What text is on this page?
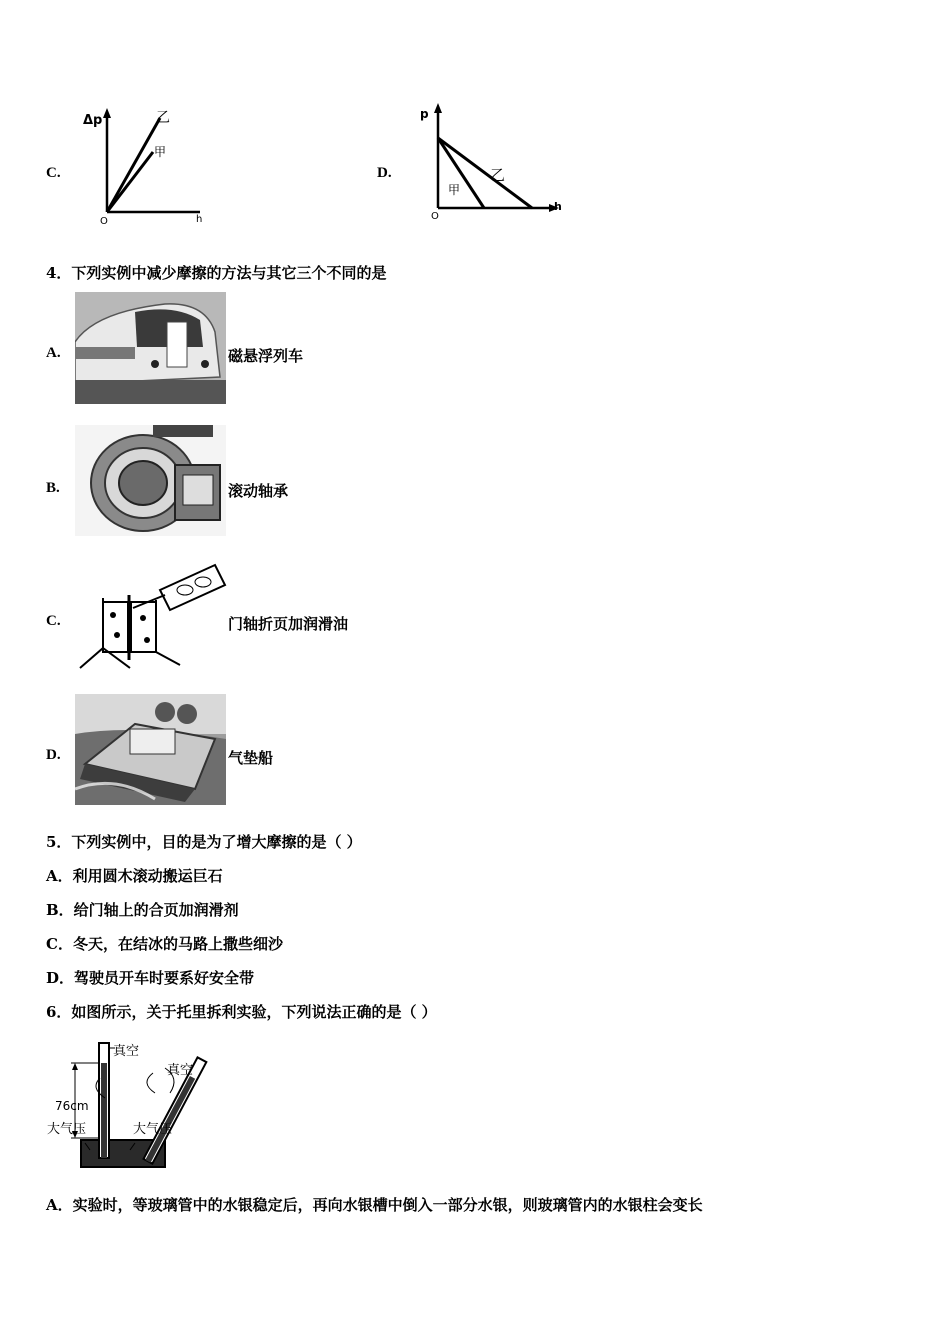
C.
Δp
h
O
乙
甲
D.
p
h
O
乙
甲
4．下列实例中减少摩擦的方法与其它三个不同的是
A.	磁悬浮列车
B.	滚动轴承
C.	门轴折页加润滑油
D.	气垫船
5．下列实例中，目的是为了增大摩擦的是（ ）
A．利用圆木滚动搬运巨石
B．给门轴上的合页加润滑剂
C．冬天，在结冰的马路上撒些细沙
D．驾驶员开车时要系好安全带
6．如图所示，关于托里拆利实验，下列说法正确的是（ ）
真空
真空
76cm
大气压	大气压
A．实验时，等玻璃管中的水银稳定后，再向水银槽中倒入一部分水银，则玻璃管内的水银柱会变长
